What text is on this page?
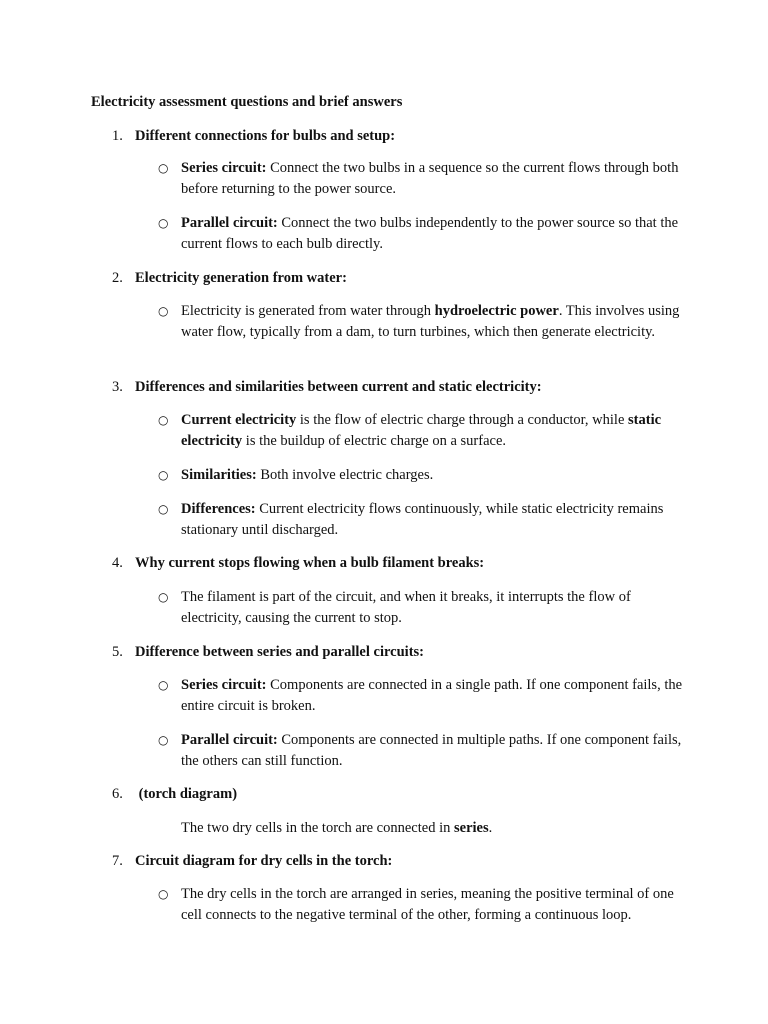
Electricity assessment questions and brief answers
1. Different connections for bulbs and setup:
○ Series circuit: Connect the two bulbs in a sequence so the current flows through both before returning to the power source.
○ Parallel circuit: Connect the two bulbs independently to the power source so that the current flows to each bulb directly.
2. Electricity generation from water:
○ Electricity is generated from water through hydroelectric power. This involves using water flow, typically from a dam, to turn turbines, which then generate electricity.
3. Differences and similarities between current and static electricity:
○ Current electricity is the flow of electric charge through a conductor, while static electricity is the buildup of electric charge on a surface.
○ Similarities: Both involve electric charges.
○ Differences: Current electricity flows continuously, while static electricity remains stationary until discharged.
4. Why current stops flowing when a bulb filament breaks:
○ The filament is part of the circuit, and when it breaks, it interrupts the flow of electricity, causing the current to stop.
5. Difference between series and parallel circuits:
○ Series circuit: Components are connected in a single path. If one component fails, the entire circuit is broken.
○ Parallel circuit: Components are connected in multiple paths. If one component fails, the others can still function.
6. (torch diagram)
The two dry cells in the torch are connected in series.
7. Circuit diagram for dry cells in the torch:
○ The dry cells in the torch are arranged in series, meaning the positive terminal of one cell connects to the negative terminal of the other, forming a continuous loop.
